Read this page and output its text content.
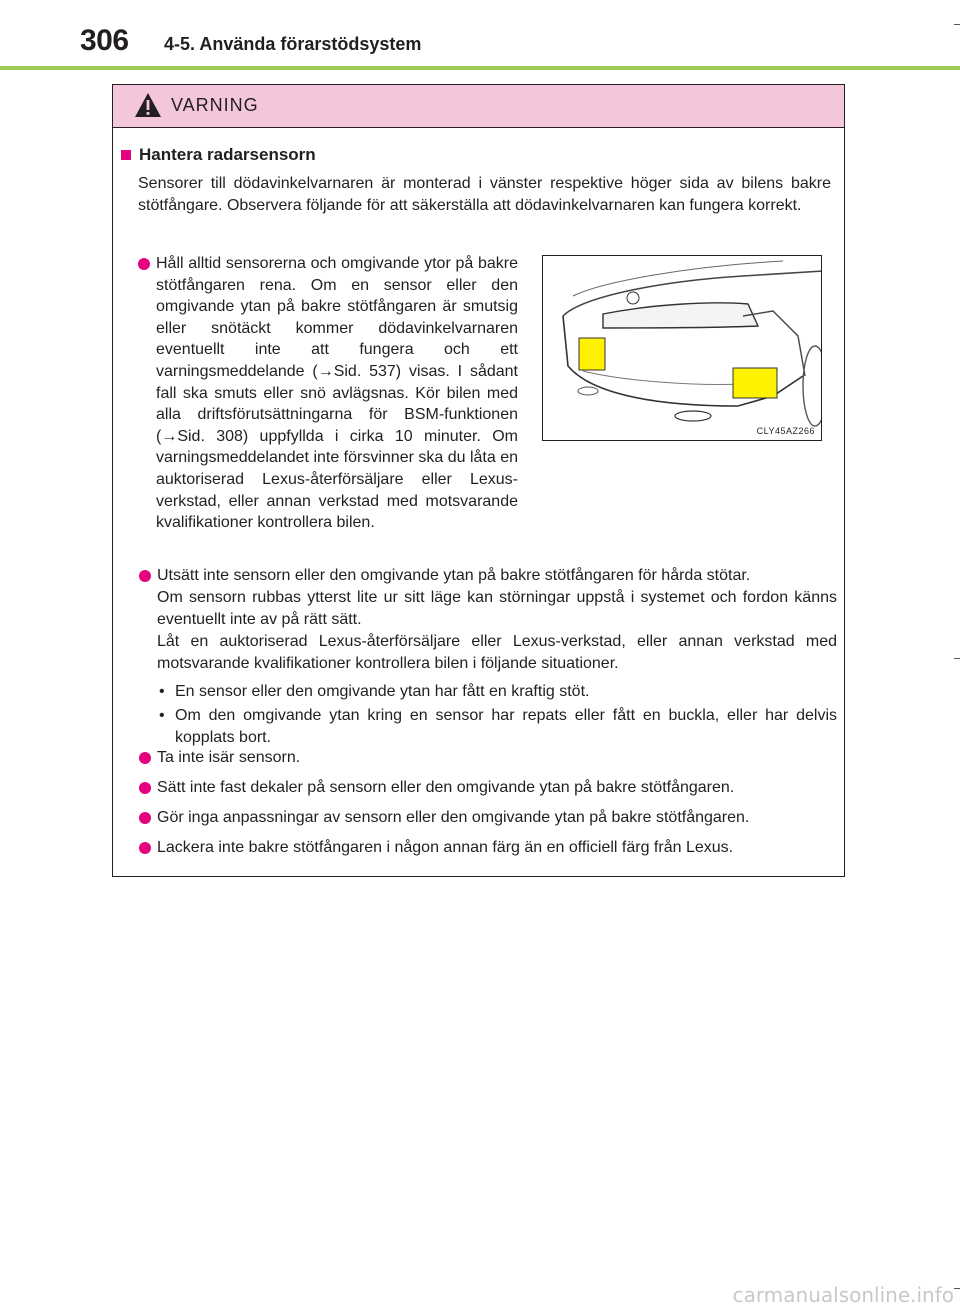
306 4-5. Använda förarstödsystem
VARNING
Hantera radarsensorn
Sensorer till dödavinkelvarnaren är monterad i vänster respektive höger sida av bilens bakre stötfångare. Observera följande för att säkerställa att dödavinkelvarnaren kan fungera korrekt.
Håll alltid sensorerna och omgivande ytor på bakre stötfångaren rena. Om en sensor eller den omgivande ytan på bakre stötfångaren är smutsig eller snötäckt kommer dödavinkelvarnaren eventuellt inte att fungera och ett varningsmeddelande (→Sid. 537) visas. I sådant fall ska smuts eller snö avlägsnas. Kör bilen med alla driftsförutsättningarna för BSM-funktionen (→Sid. 308) uppfyllda i cirka 10 minuter. Om varningsmeddelandet inte försvinner ska du låta en auktoriserad Lexus-återförsäljare eller Lexus-verkstad, eller annan verkstad med motsvarande kvalifikationer kontrollera bilen.
CLY45AZ266

Utsätt inte sensorn eller den omgivande ytan på bakre stötfångaren för hårda stötar.

Om sensorn rubbas ytterst lite ur sitt läge kan störningar uppstå i systemet och fordon känns eventuellt inte av på rätt sätt.

Låt en auktoriserad Lexus-återförsäljare eller Lexus-verkstad, eller annan verkstad med motsvarande kvalifikationer kontrollera bilen i följande situationer.

• En sensor eller den omgivande ytan har fått en kraftig stöt.
• Om den omgivande ytan kring en sensor har repats eller fått en buckla, eller har delvis kopplats bort.
Ta inte isär sensorn.
Sätt inte fast dekaler på sensorn eller den omgivande ytan på bakre stötfångaren.
Gör inga anpassningar av sensorn eller den omgivande ytan på bakre stötfångaren.
Lackera inte bakre stötfångaren i någon annan färg än en officiell färg från Lexus.
carmanualsonline.info
